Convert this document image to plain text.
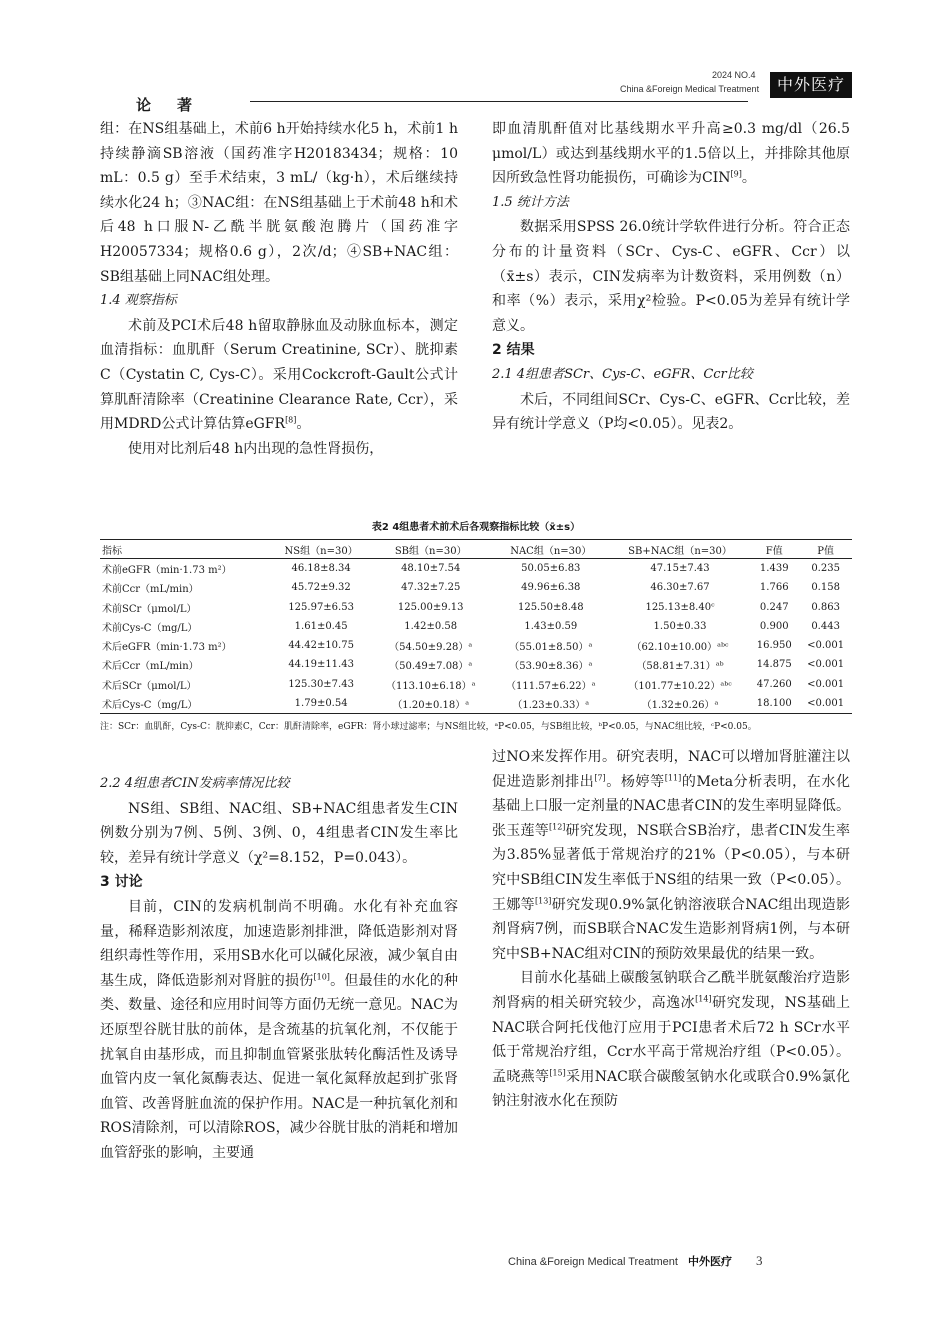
论著
2024 NO.4
China &Foreign Medical Treatment	中外医疗

组：在NS组基础上，术前6 h开始持续水化5 h，术前1 h持续静滴SB溶液（国药准字H20183434；规格：10 mL：0.5 g）至手术结束，3 mL/（kg·h），术后继续持续水化24 h；③NAC组：在NS组基础上于术前48 h和术后48 h口服N-乙酰半胱氨酸泡腾片（国药准字H20057334；规格0.6 g），2次/d；④SB+NAC组：SB组基础上同NAC组处理。

1.4 观察指标

术前及PCI术后48 h留取静脉血及动脉血标本，测定血清指标：血肌酐（Serum Creatinine, SCr）、胱抑素C（Cystatin C, Cys-C）。采用Cockcroft-Gault公式计算肌酐清除率（Creatinine Clearance Rate, Ccr），采用MDRD公式计算估算eGFR[8]。

使用对比剂后48 h内出现的急性肾损伤，

即血清肌酐值对比基线期水平升高≥0.3 mg/dl（26.5 μmol/L）或达到基线期水平的1.5倍以上，并排除其他原因所致急性肾功能损伤，可确诊为CIN[9]。

1.5 统计方法

数据采用SPSS 26.0统计学软件进行分析。符合正态分布的计量资料（SCr、Cys-C、eGFR、Ccr）以（x̄±s）表示，CIN发病率为计数资料，采用例数（n）和率（%）表示，采用χ²检验。P<0.05为差异有统计学意义。

2 结果
2.1 4组患者SCr、Cys-C、eGFR、Ccr比较

术后，不同组间SCr、Cys-C、eGFR、Ccr比较，差异有统计学意义（P均<0.05）。见表2。

表2 4组患者术前术后各观察指标比较（x̄±s）
指标	NS组（n=30）	SB组（n=30）	NAC组（n=30）	SB+NAC组（n=30）	F值	P值
术前eGFR（min·1.73 m²）	46.18±8.34	48.10±7.54	50.05±6.83	47.15±7.43	1.439	0.235
术前Ccr（mL/min）	45.72±9.32	47.32±7.25	49.96±6.38	46.30±7.67	1.766	0.158
术前SCr（μmol/L）	125.97±6.53	125.00±9.13	125.50±8.48	125.13±8.40ᶜ	0.247	0.863
术前Cys-C（mg/L）	1.61±0.45	1.42±0.58	1.43±0.59	1.50±0.33	0.900	0.443
术后eGFR（min·1.73 m²）	44.42±10.75	（54.50±9.28）ᵃ	（55.01±8.50）ᵃ	（62.10±10.00）ᵃᵇᶜ	16.950	<0.001
术后Ccr（mL/min）	44.19±11.43	（50.49±7.08）ᵃ	（53.90±8.36）ᵃ	（58.81±7.31）ᵃᵇ	14.875	<0.001
术后SCr（μmol/L）	125.30±7.43	（113.10±6.18）ᵃ	（111.57±6.22）ᵃ	（101.77±10.22）ᵃᵇᶜ	47.260	<0.001
术后Cys-C（mg/L）	1.79±0.54	（1.20±0.18）ᵃ	（1.23±0.33）ᵃ	（1.32±0.26）ᵃ	18.100	<0.001
注：SCr：血肌酐，Cys-C：胱抑素C，Ccr：肌酐清除率，eGFR：肾小球过滤率；与NS组比较，ᵃP<0.05，与SB组比较，ᵇP<0.05，与NAC组比较，ᶜP<0.05。
2.2 4组患者CIN发病率情况比较

NS组、SB组、NAC组、SB+NAC组患者发生CIN例数分别为7例、5例、3例、0，4组患者CIN发生率比较，差异有统计学意义（χ²=8.152，P=0.043）。

3 讨论

目前，CIN的发病机制尚不明确。水化有补充血容量，稀释造影剂浓度，加速造影剂排泄，降低造影剂对肾组织毒性等作用，采用SB水化可以碱化尿液，减少氧自由基生成，降低造影剂对肾脏的损伤[10]。但最佳的水化的种类、数量、途径和应用时间等方面仍无统一意见。NAC为还原型谷胱甘肽的前体，是含巯基的抗氧化剂，不仅能于扰氧自由基形成，而且抑制血管紧张肽转化酶活性及诱导血管内皮一氧化氮酶表达、促进一氧化氮释放起到扩张肾血管、改善肾脏血流的保护作用。NAC是一种抗氧化剂和ROS清除剂，可以清除ROS，减少谷胱甘肽的消耗和增加血管舒张的影响，主要通

过NO来发挥作用。研究表明，NAC可以增加肾脏灌注以促进造影剂排出[7]。杨婷等[11]的Meta分析表明，在水化基础上口服一定剂量的NAC患者CIN的发生率明显降低。张玉莲等[12]研究发现，NS联合SB治疗，患者CIN发生率为3.85%显著低于常规治疗的21%（P<0.05），与本研究中SB组CIN发生率低于NS组的结果一致（P<0.05）。王娜等[13]研究发现0.9%氯化钠溶液联合NAC组出现造影剂肾病7例，而SB联合NAC发生造影剂肾病1例，与本研究中SB+NAC组对CIN的预防效果最优的结果一致。

目前水化基础上碳酸氢钠联合乙酰半胱氨酸治疗造影剂肾病的相关研究较少，高逸冰[14]研究发现，NS基础上NAC联合阿托伐他汀应用于PCI患者术后72 h SCr水平低于常规治疗组，Ccr水平高于常规治疗组（P<0.05）。孟晓燕等[15]采用NAC联合碳酸氢钠水化或联合0.9%氯化钠注射液水化在预防

China &Foreign Medical Treatment 中外医疗 3
